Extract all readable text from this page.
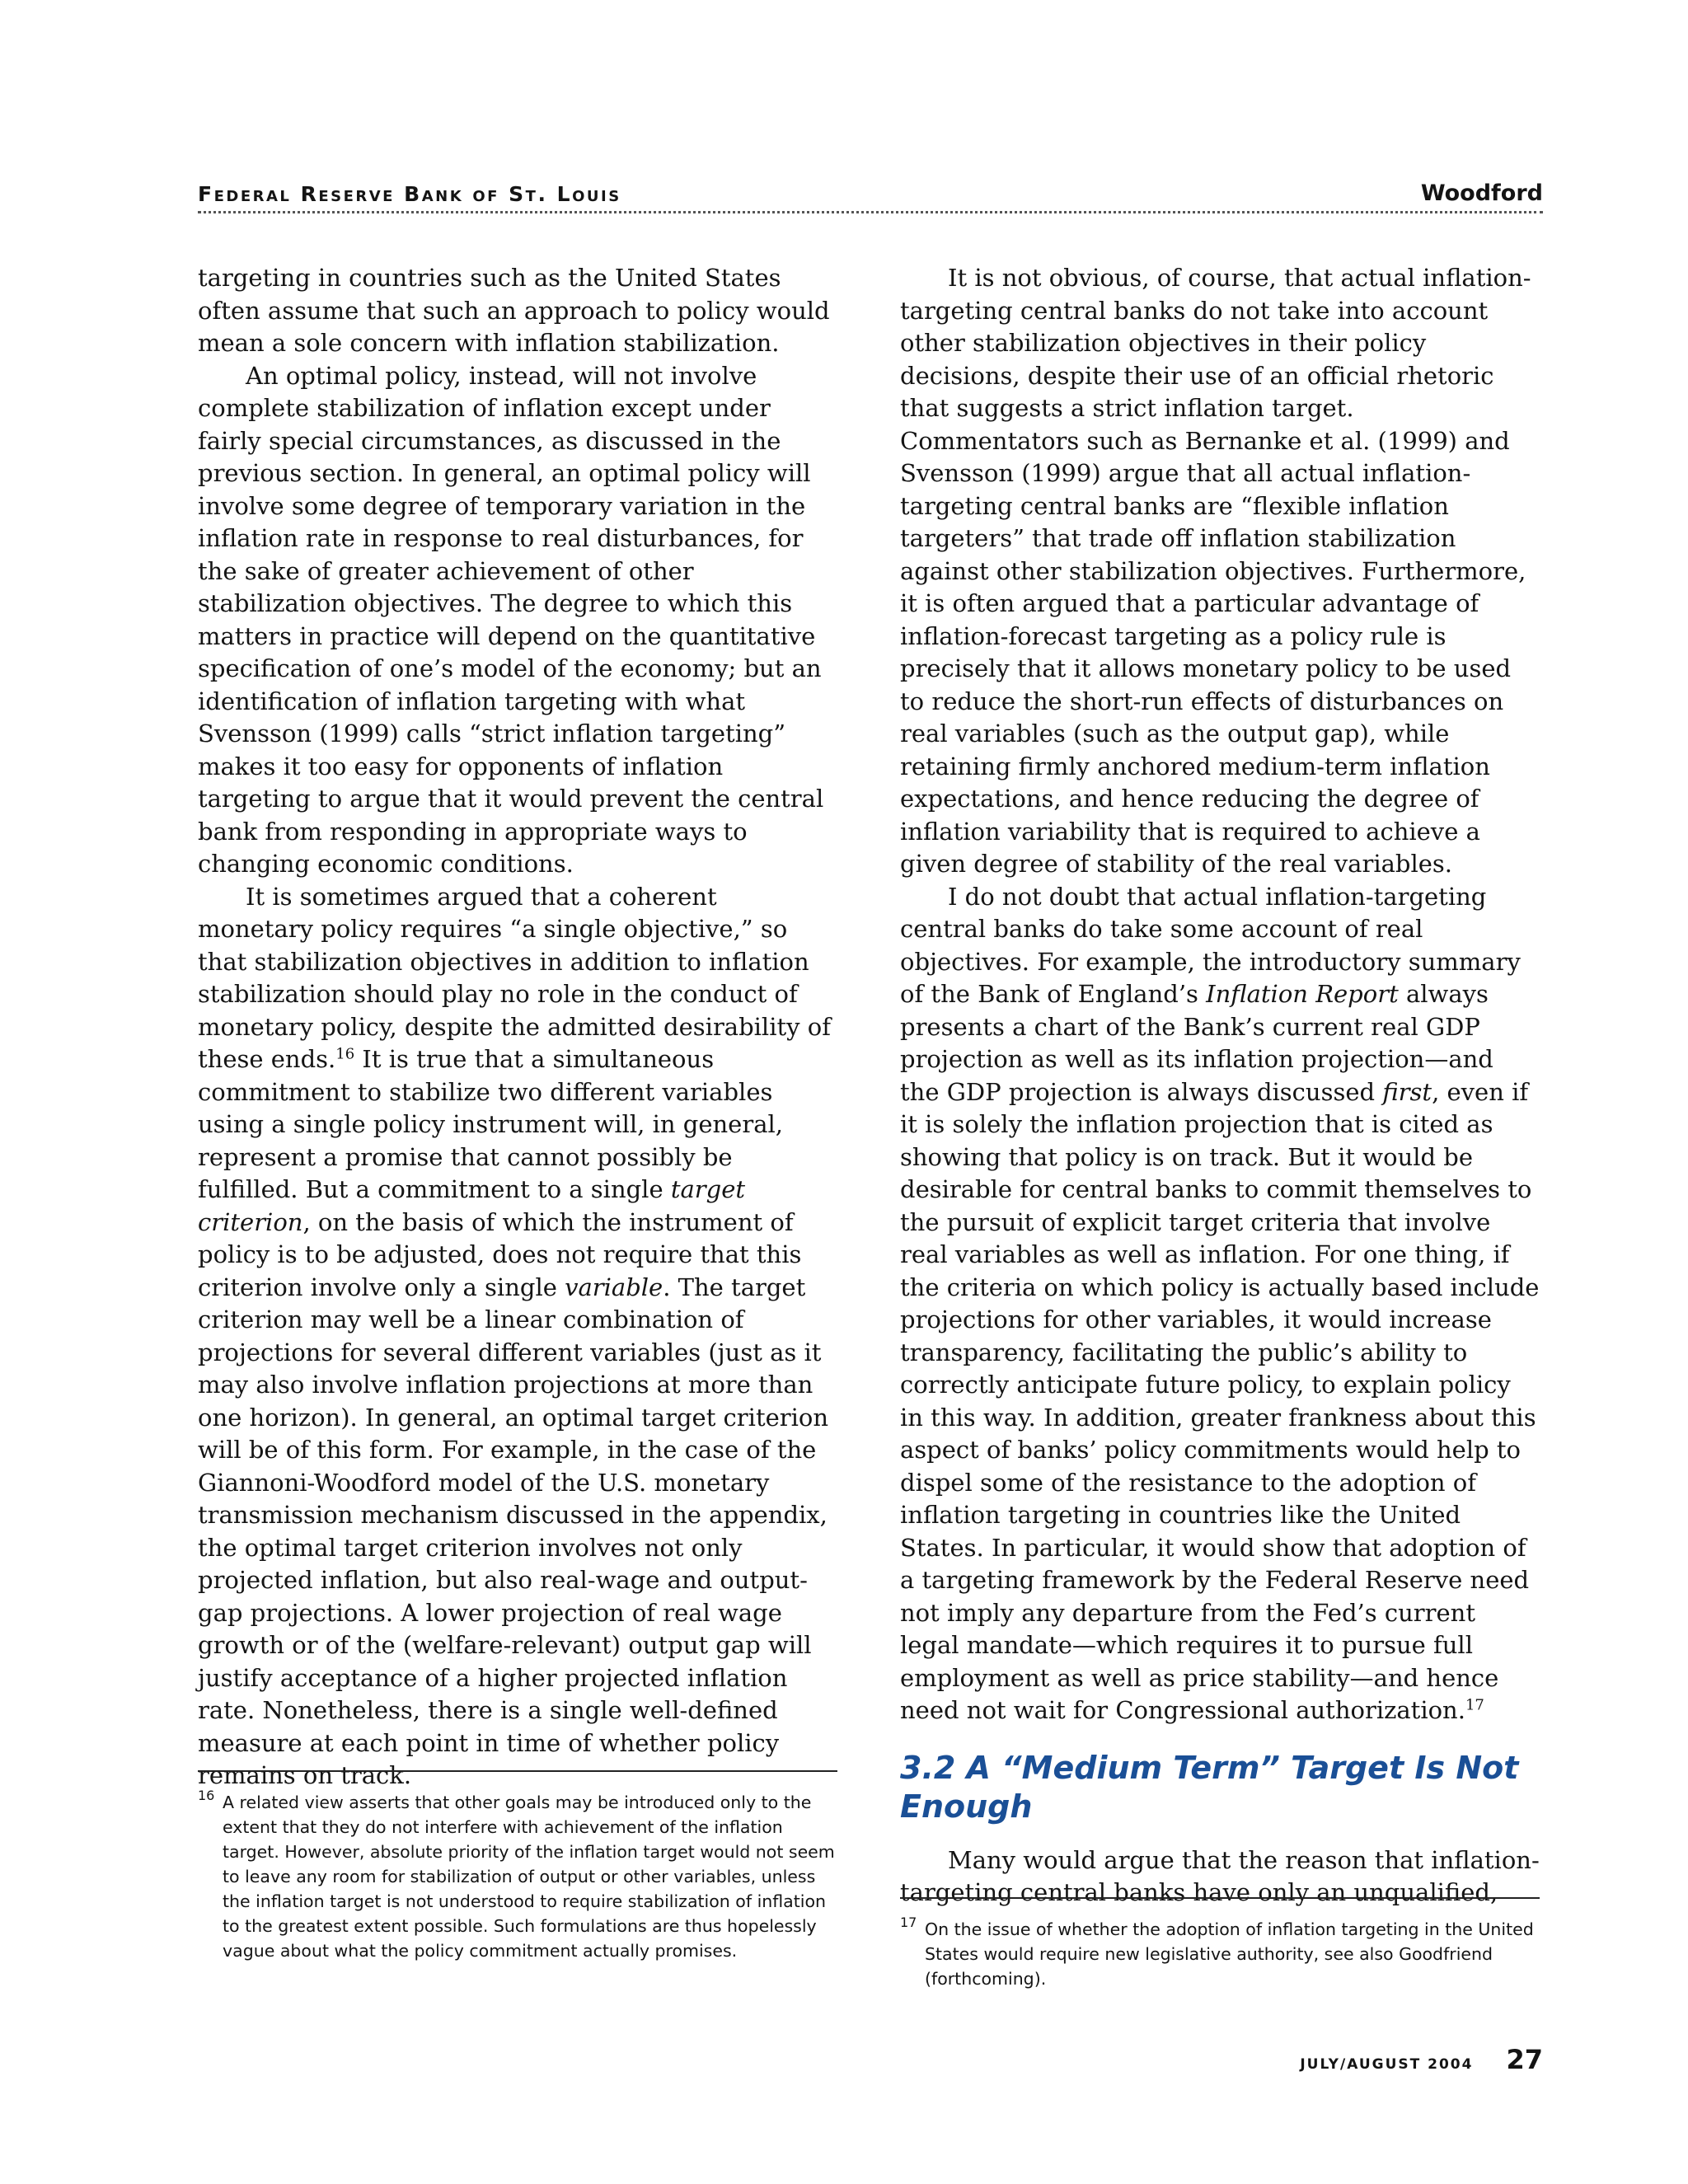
Federal Reserve Bank of St. Louis	Woodford

targeting in countries such as the United States often assume that such an approach to policy would mean a sole concern with inflation stabilization.

An optimal policy, instead, will not involve complete stabilization of inflation except under fairly special circumstances, as discussed in the previous section. In general, an optimal policy will involve some degree of temporary variation in the inflation rate in response to real disturbances, for the sake of greater achievement of other stabilization objectives. The degree to which this matters in practice will depend on the quantitative specification of one’s model of the economy; but an identification of inflation targeting with what Svensson (1999) calls “strict inflation targeting” makes it too easy for opponents of inflation targeting to argue that it would prevent the central bank from responding in appropriate ways to changing economic conditions.

It is sometimes argued that a coherent monetary policy requires “a single objective,” so that stabilization objectives in addition to inflation stabilization should play no role in the conduct of monetary policy, despite the admitted desirability of these ends.$^{16}$ It is true that a simultaneous commitment to stabilize two different variables using a single policy instrument will, in general, represent a promise that cannot possibly be fulfilled. But a commitment to a single target criterion, on the basis of which the instrument of policy is to be adjusted, does not require that this criterion involve only a single variable. The target criterion may well be a linear combination of projections for several different variables (just as it may also involve inflation projections at more than one horizon). In general, an optimal target criterion will be of this form. For example, in the case of the Giannoni-Woodford model of the U.S. monetary transmission mechanism discussed in the appendix, the optimal target criterion involves not only projected inflation, but also real-wage and output-gap projections. A lower projection of real wage growth or of the (welfare-relevant) output gap will justify acceptance of a higher projected inflation rate. Nonetheless, there is a single well-defined measure at each point in time of whether policy remains on track.

It is not obvious, of course, that actual inflation-targeting central banks do not take into account other stabilization objectives in their policy decisions, despite their use of an official rhetoric that suggests a strict inflation target. Commentators such as Bernanke et al. (1999) and Svensson (1999) argue that all actual inflation-targeting central banks are “flexible inflation targeters” that trade off inflation stabilization against other stabilization objectives. Furthermore, it is often argued that a particular advantage of inflation-forecast targeting as a policy rule is precisely that it allows monetary policy to be used to reduce the short-run effects of disturbances on real variables (such as the output gap), while retaining firmly anchored medium-term inflation expectations, and hence reducing the degree of inflation variability that is required to achieve a given degree of stability of the real variables.

I do not doubt that actual inflation-targeting central banks do take some account of real objectives. For example, the introductory summary of the Bank of England’s Inflation Report always presents a chart of the Bank’s current real GDP projection as well as its inflation projection—and the GDP projection is always discussed first, even if it is solely the inflation projection that is cited as showing that policy is on track. But it would be desirable for central banks to commit themselves to the pursuit of explicit target criteria that involve real variables as well as inflation. For one thing, if the criteria on which policy is actually based include projections for other variables, it would increase transparency, facilitating the public’s ability to correctly anticipate future policy, to explain policy in this way. In addition, greater frankness about this aspect of banks’ policy commitments would help to dispel some of the resistance to the adoption of inflation targeting in countries like the United States. In particular, it would show that adoption of a targeting framework by the Federal Reserve need not imply any departure from the Fed’s current legal mandate—which requires it to pursue full employment as well as price stability—and hence need not wait for Congressional authorization.$^{17}$

3.2 A “Medium Term” Target Is Not Enough

Many would argue that the reason that inflation-targeting central banks have only an unqualified,

16 A related view asserts that other goals may be introduced only to the extent that they do not interfere with achievement of the inflation target. However, absolute priority of the inflation target would not seem to leave any room for stabilization of output or other variables, unless the inflation target is not understood to require stabilization of inflation to the greatest extent possible. Such formulations are thus hopelessly vague about what the policy commitment actually promises.

17 On the issue of whether the adoption of inflation targeting in the United States would require new legislative authority, see also Goodfriend (forthcoming).

JULY/AUGUST 2004 27
